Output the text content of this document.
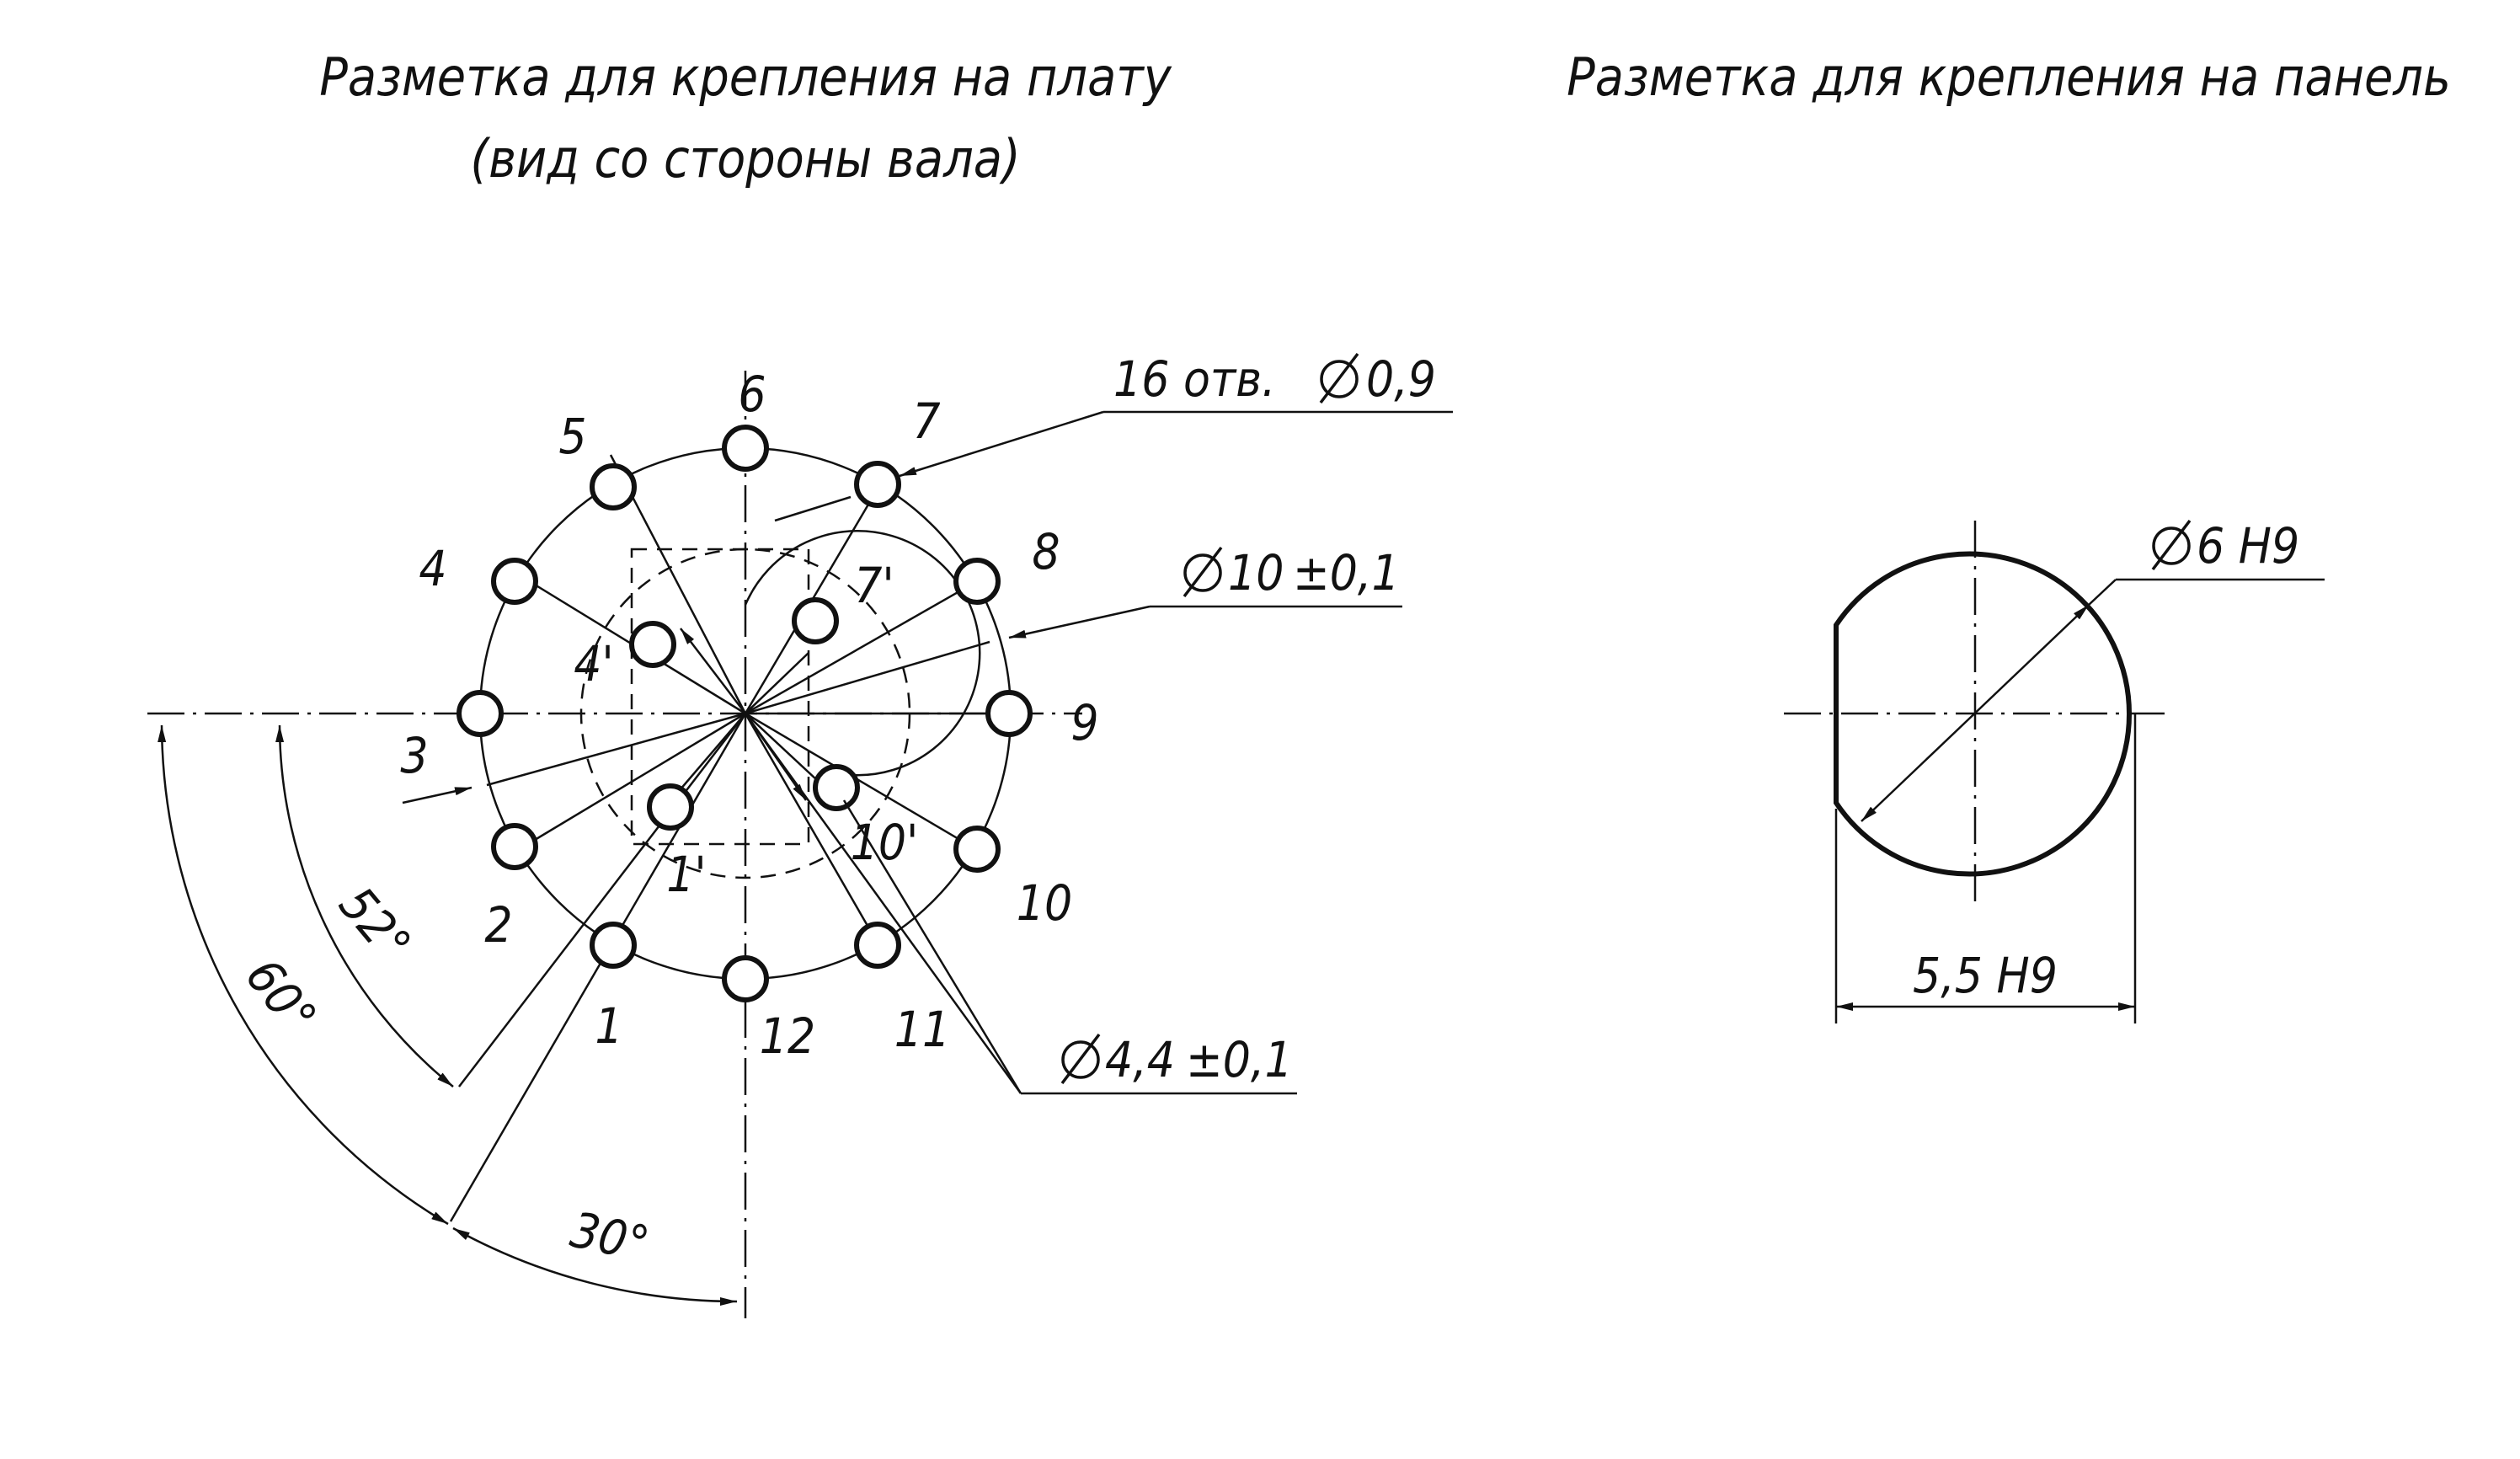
Разметка для крепления на плату
(вид со стороны вала)
1
2
3
4
5
6	7
8
9
10
11
12
1'
4'
7'
10'
16 отв. 0,9
10 ±0,1
4,4 ±0,1
52°
60°
30°
Разметка для крепления на панель
6 H9
5,5 H9
